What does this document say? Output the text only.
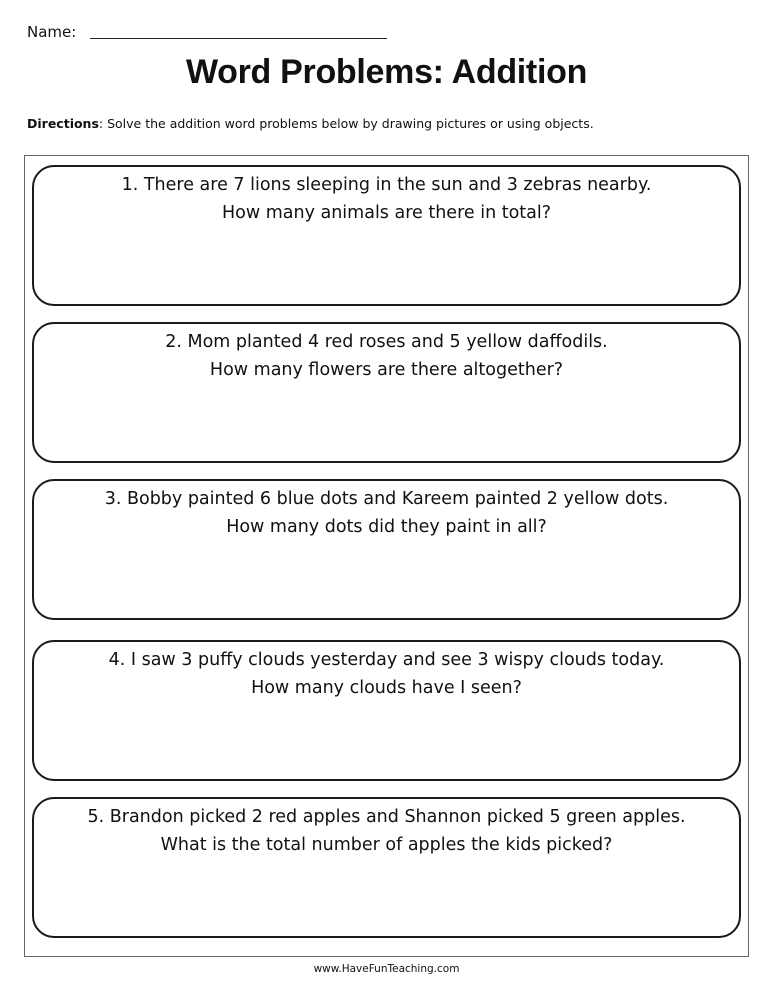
Name:
Word Problems: Addition
Directions: Solve the addition word problems below by drawing pictures or using objects.
1. There are 7 lions sleeping in the sun and 3 zebras nearby.
How many animals are there in total?
2. Mom planted 4 red roses and 5 yellow daffodils.
How many flowers are there altogether?
3. Bobby painted 6 blue dots and Kareem painted 2 yellow dots.
How many dots did they paint in all?
4. I saw 3 puffy clouds yesterday and see 3 wispy clouds today.
How many clouds have I seen?
5. Brandon picked 2 red apples and Shannon picked 5 green apples.
What is the total number of apples the kids picked?
www.HaveFunTeaching.com
